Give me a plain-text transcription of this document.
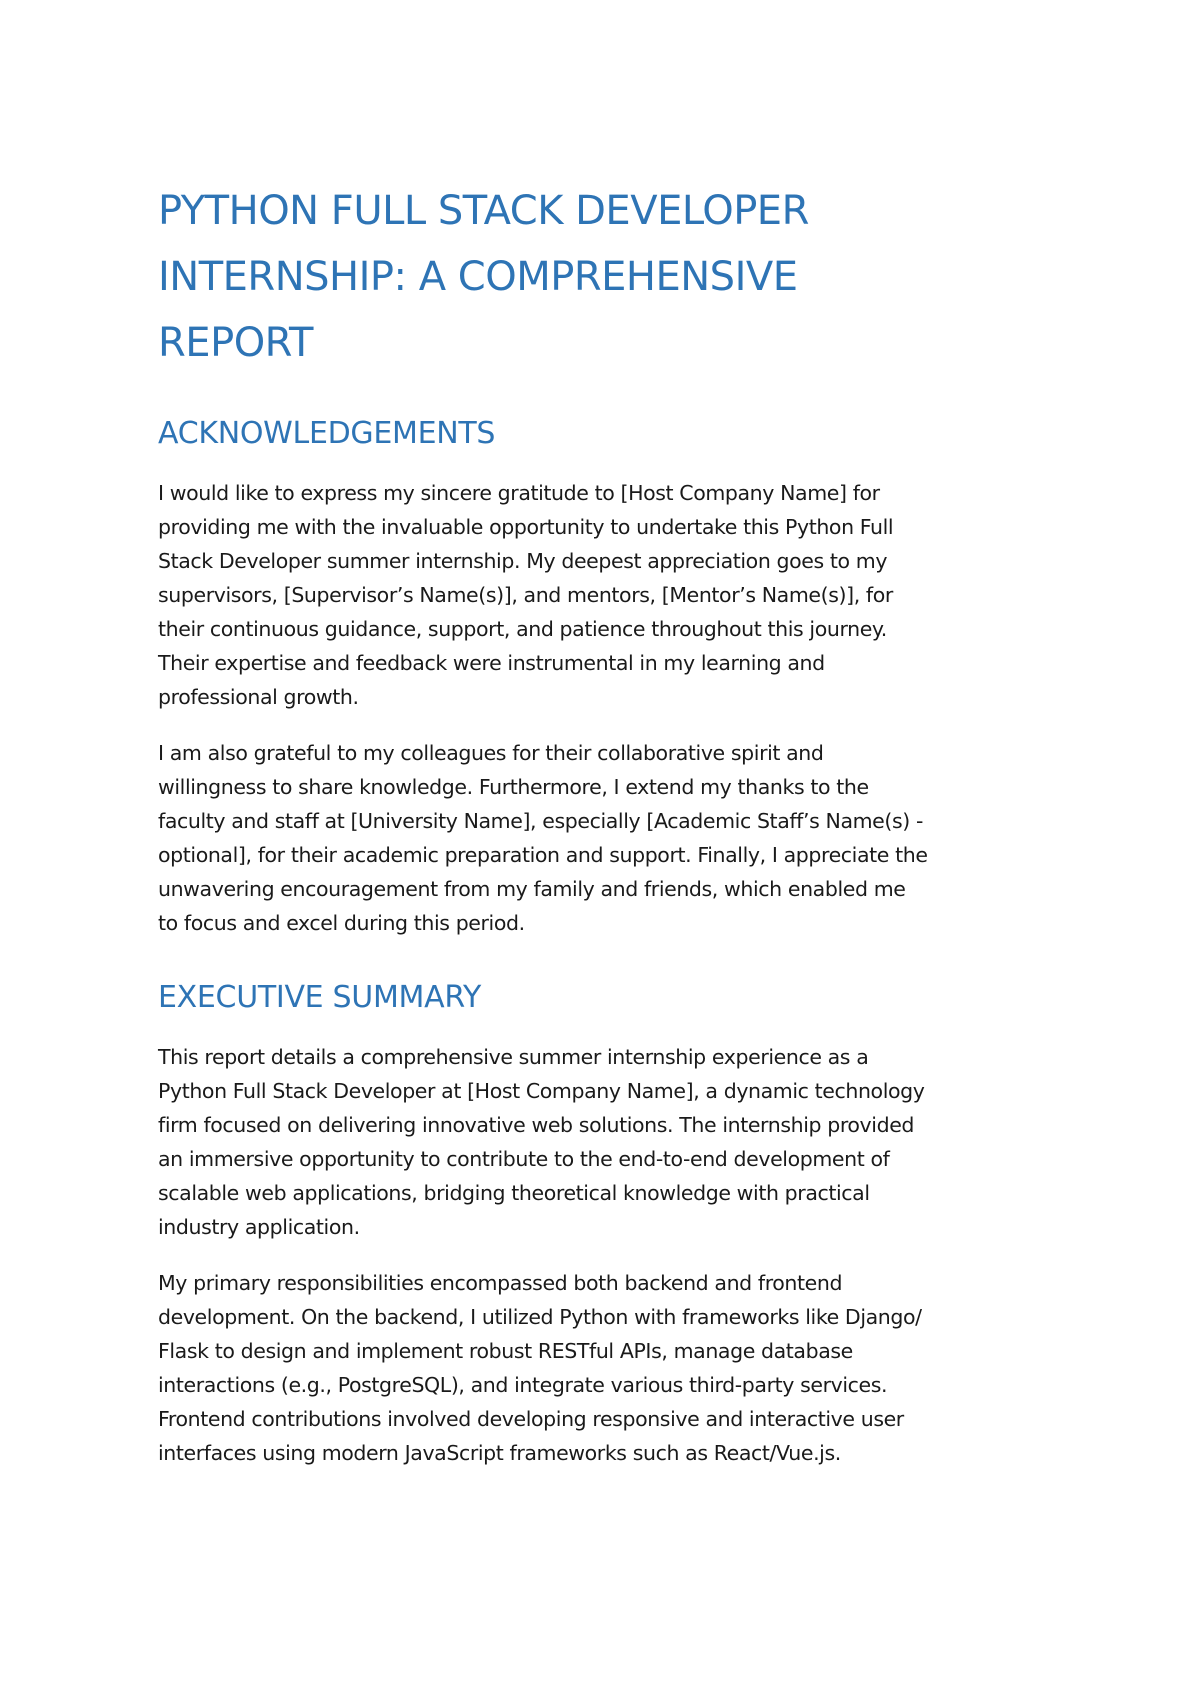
PYTHON FULL STACK DEVELOPER
INTERNSHIP: A COMPREHENSIVE
REPORT
ACKNOWLEDGEMENTS

I would like to express my sincere gratitude to [Host Company Name] for
providing me with the invaluable opportunity to undertake this Python Full
Stack Developer summer internship. My deepest appreciation goes to my
supervisors, [Supervisor’s Name(s)], and mentors, [Mentor’s Name(s)], for
their continuous guidance, support, and patience throughout this journey.
Their expertise and feedback were instrumental in my learning and
professional growth.

I am also grateful to my colleagues for their collaborative spirit and
willingness to share knowledge. Furthermore, I extend my thanks to the
faculty and staff at [University Name], especially [Academic Staff’s Name(s) -
optional], for their academic preparation and support. Finally, I appreciate the
unwavering encouragement from my family and friends, which enabled me
to focus and excel during this period.

EXECUTIVE SUMMARY

This report details a comprehensive summer internship experience as a
Python Full Stack Developer at [Host Company Name], a dynamic technology
firm focused on delivering innovative web solutions. The internship provided
an immersive opportunity to contribute to the end-to-end development of
scalable web applications, bridging theoretical knowledge with practical
industry application.

My primary responsibilities encompassed both backend and frontend
development. On the backend, I utilized Python with frameworks like Django/
Flask to design and implement robust RESTful APIs, manage database
interactions (e.g., PostgreSQL), and integrate various third-party services.
Frontend contributions involved developing responsive and interactive user
interfaces using modern JavaScript frameworks such as React/Vue.js.
